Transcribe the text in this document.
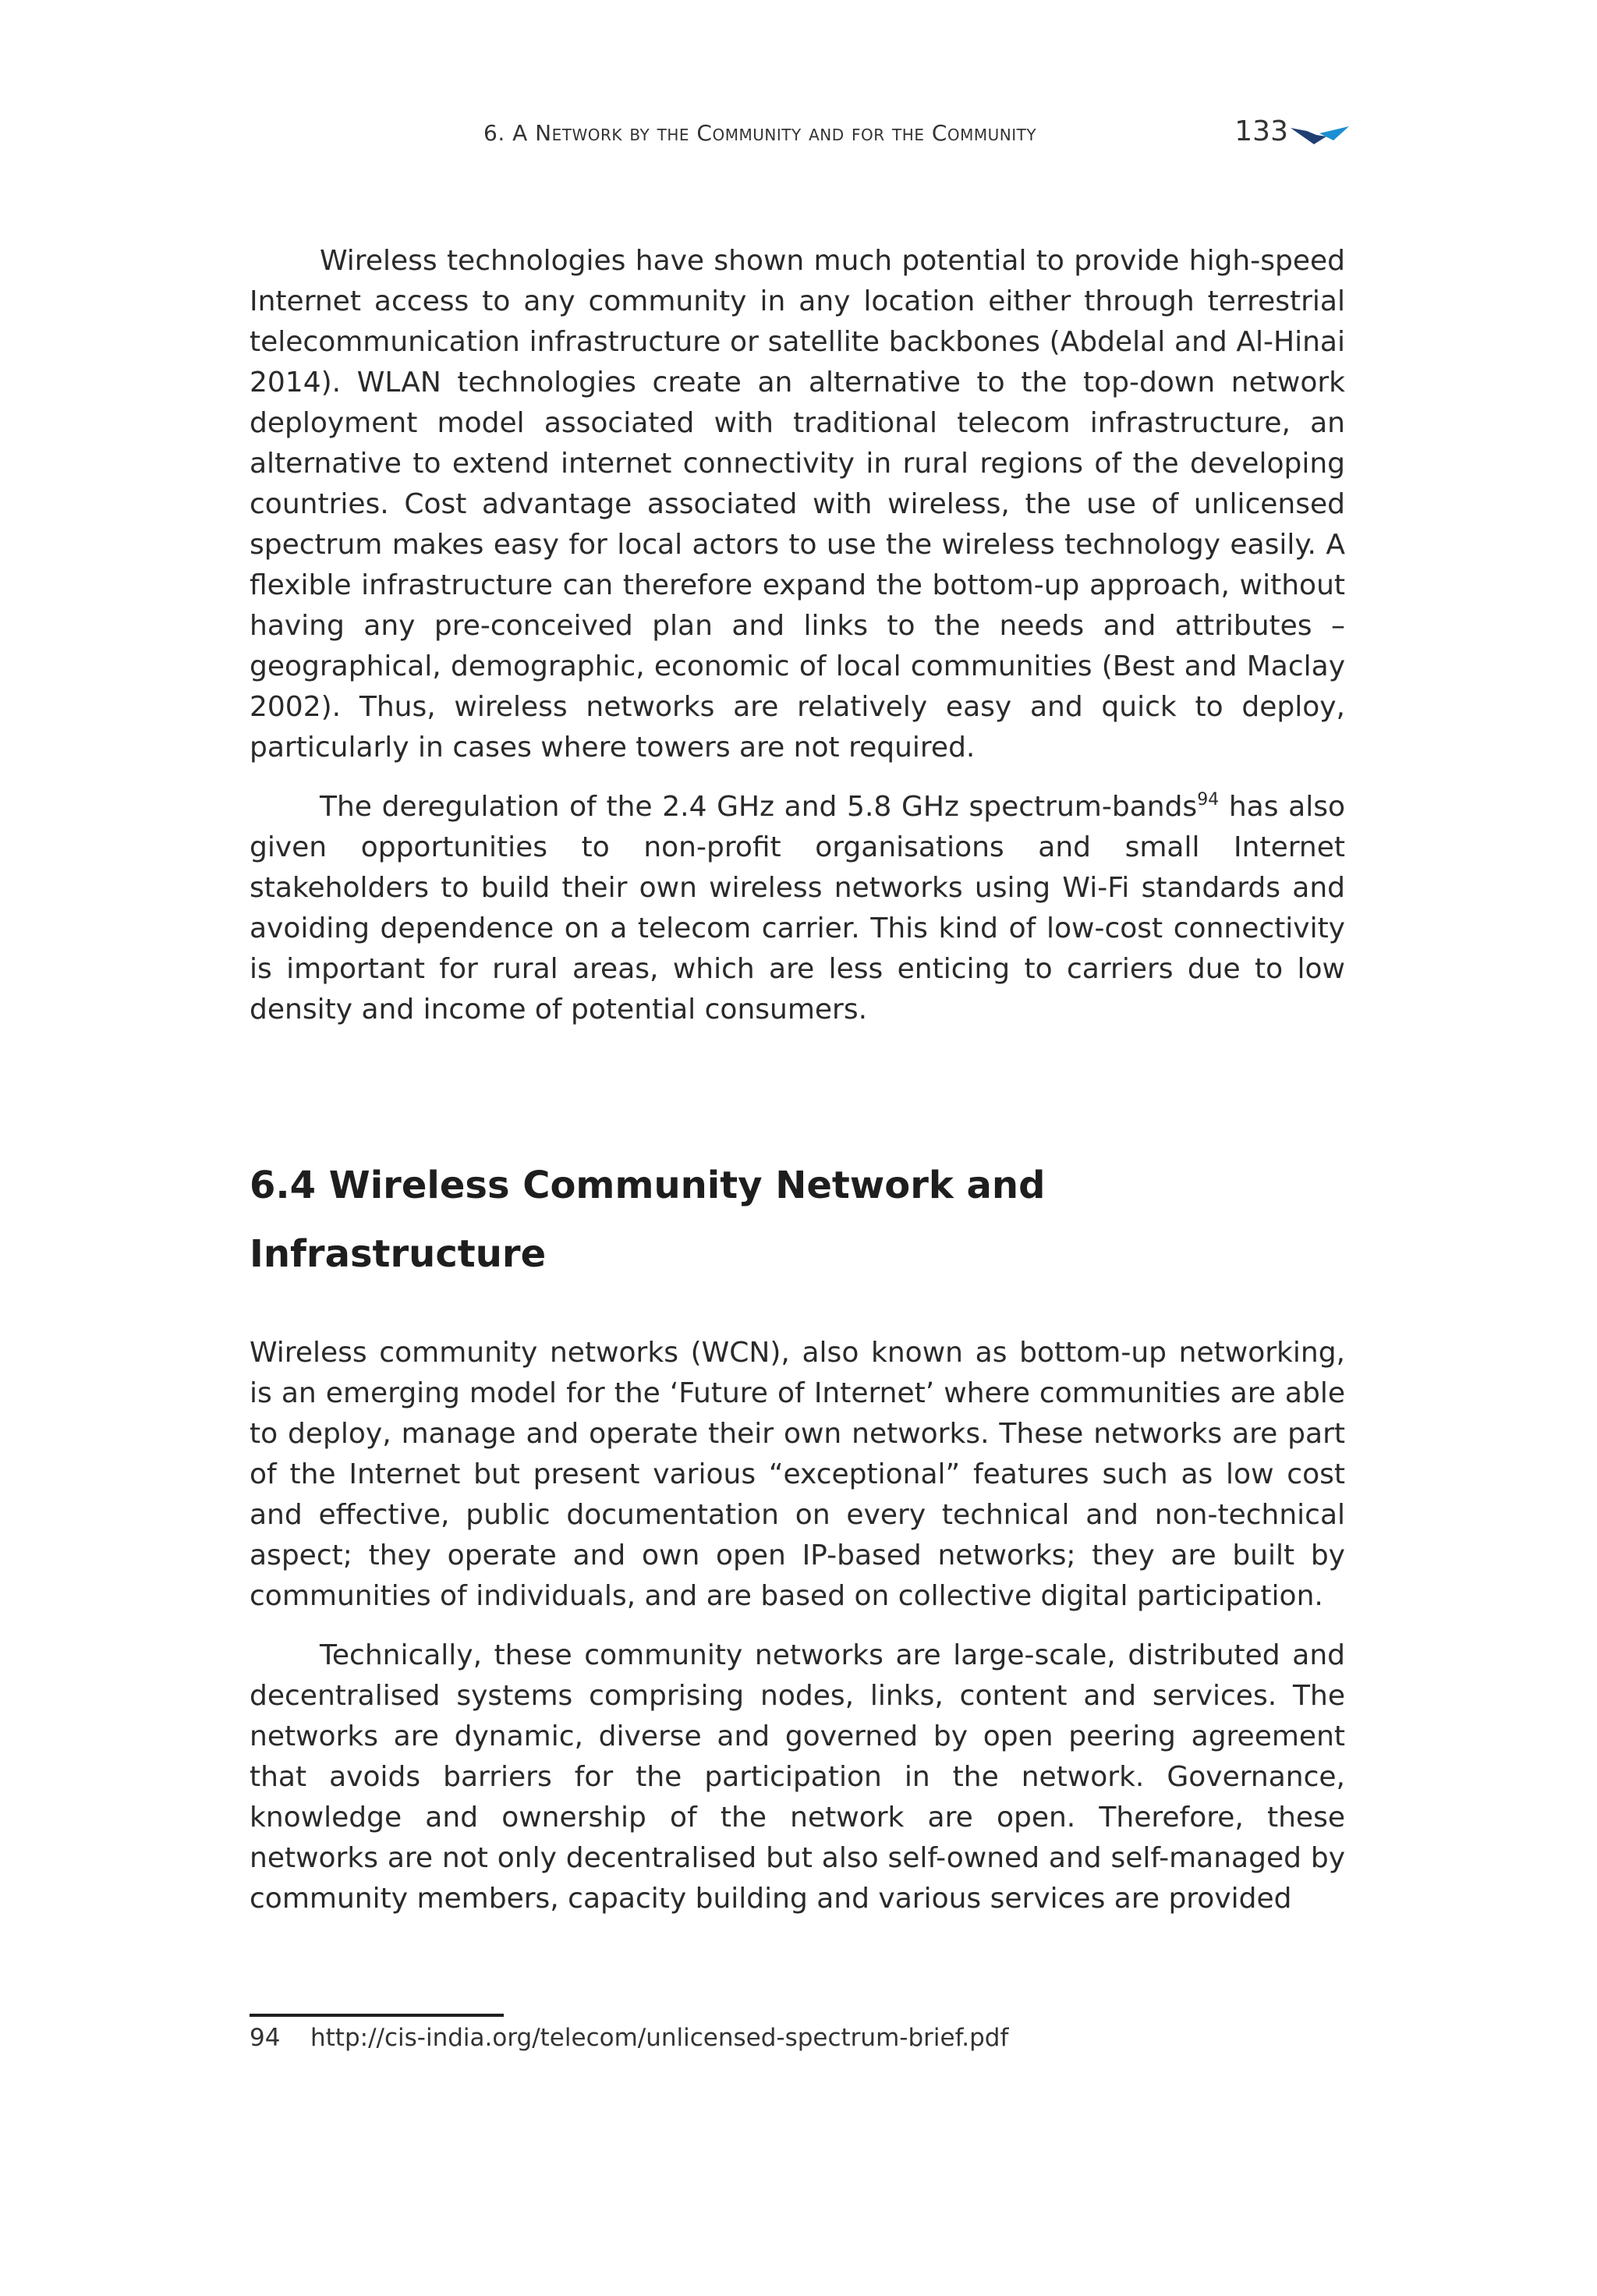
6. A Network by the Community and for the Community	133

Wireless technologies have shown much potential to provide high-speed Internet access to any community in any location either through terrestrial telecommunication infrastructure or satellite backbones (Abdelal and Al-Hinai 2014). WLAN technologies create an alternative to the top-down network deployment model associated with traditional telecom infrastructure, an alternative to extend internet connectivity in rural regions of the developing countries. Cost advantage associated with wireless, the use of unlicensed spectrum makes easy for local actors to use the wireless technology easily. A flexible infrastructure can therefore expand the bottom-up approach, without having any pre-conceived plan and links to the needs and attributes – geographical, demographic, economic of local communities (Best and Maclay 2002). Thus, wireless networks are relatively easy and quick to deploy, particularly in cases where towers are not required.

The deregulation of the 2.4 GHz and 5.8 GHz spectrum-bands$^{94}$ has also given opportunities to non-profit organisations and small Internet stakeholders to build their own wireless networks using Wi-Fi standards and avoiding dependence on a telecom carrier. This kind of low-cost connectivity is important for rural areas, which are less enticing to carriers due to low density and income of potential consumers.

6.4 Wireless Community Network and
Infrastructure

Wireless community networks (WCN), also known as bottom-up networking, is an emerging model for the ‘Future of Internet’ where communities are able to deploy, manage and operate their own networks. These networks are part of the Internet but present various “exceptional” features such as low cost and effective, public documentation on every technical and non-technical aspect; they operate and own open IP-based networks; they are built by communities of individuals, and are based on collective digital participation.

Technically, these community networks are large-scale, distributed and decentralised systems comprising nodes, links, content and services. The networks are dynamic, diverse and governed by open peering agreement that avoids barriers for the participation in the network. Governance, knowledge and ownership of the network are open. Therefore, these networks are not only decentralised but also self-owned and self-managed by community members, capacity building and various services are provided

94 http://cis-india.org/telecom/unlicensed-spectrum-brief.pdf
